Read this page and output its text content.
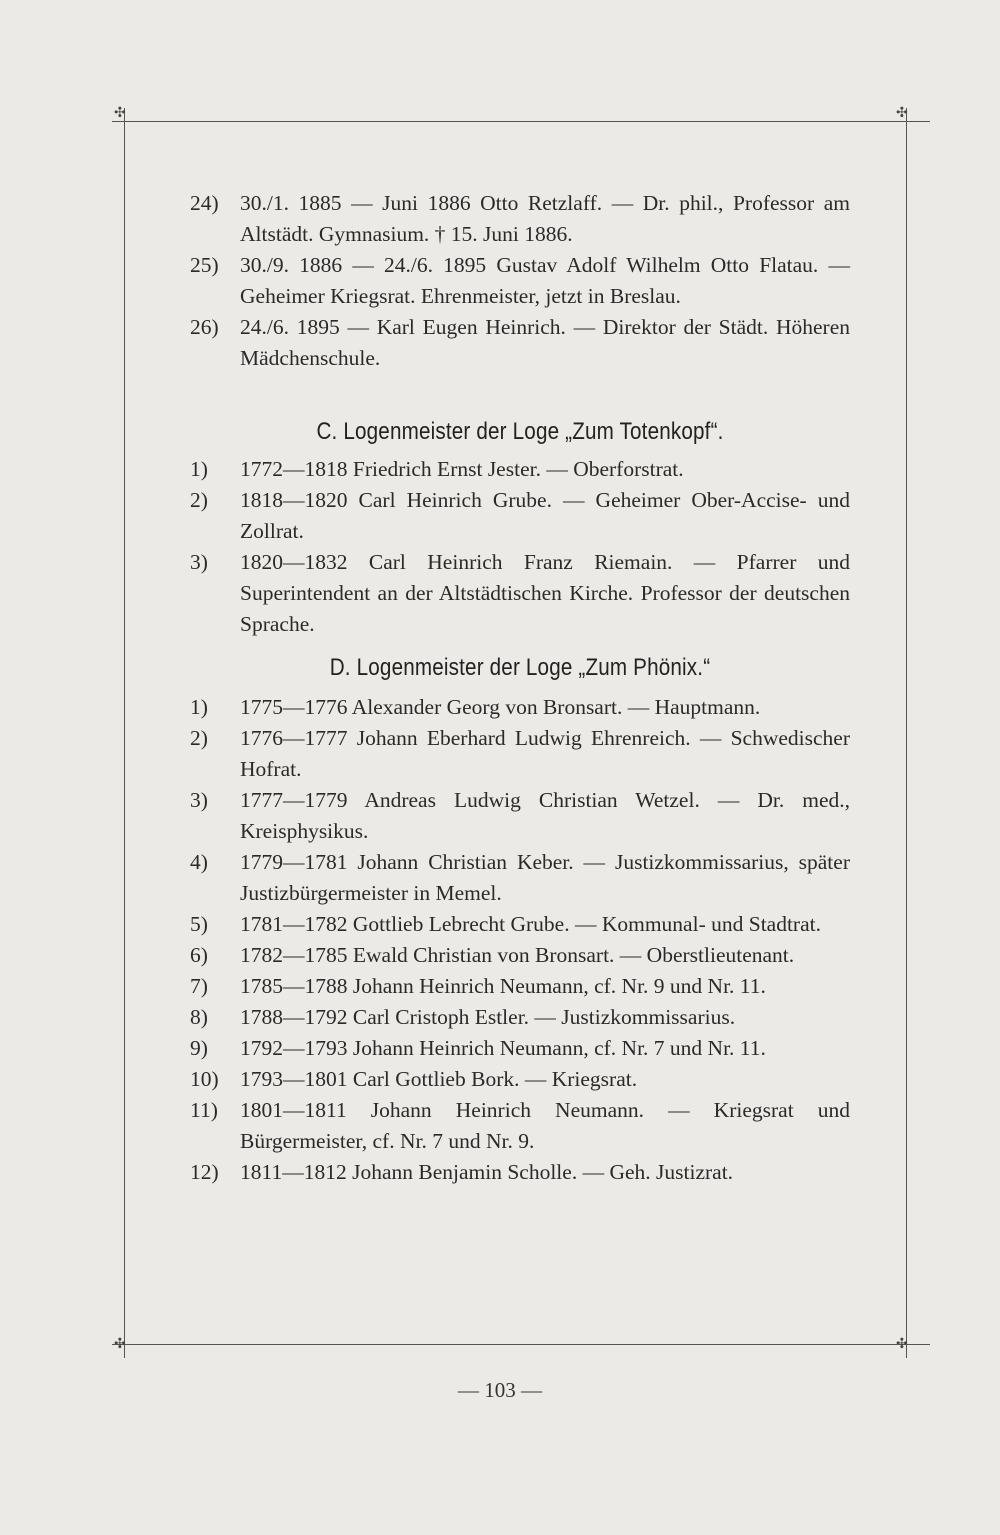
✣	✣
✣	✣
24) 30./1. 1885 — Juni 1886 Otto Retzlaff. — Dr. phil., Professor am Altstädt. Gymnasium. † 15. Juni 1886.
25) 30./9. 1886 — 24./6. 1895 Gustav Adolf Wilhelm Otto Flatau. — Geheimer Kriegsrat. Ehrenmeister, jetzt in Breslau.
26) 24./6. 1895 — Karl Eugen Heinrich. — Direktor der Städt. Höheren Mädchenschule.
C. Logenmeister der Loge „Zum Totenkopf“.
1) 1772—1818 Friedrich Ernst Jester. — Oberforstrat.
2) 1818—1820 Carl Heinrich Grube. — Geheimer Ober-Accise- und Zollrat.
3) 1820—1832 Carl Heinrich Franz Riemain. — Pfarrer und Superintendent an der Altstädtischen Kirche. Professor der deutschen Sprache.
D. Logenmeister der Loge „Zum Phönix.“
1) 1775—1776 Alexander Georg von Bronsart. — Hauptmann.
2) 1776—1777 Johann Eberhard Ludwig Ehrenreich. — Schwedischer Hofrat.
3) 1777—1779 Andreas Ludwig Christian Wetzel. — Dr. med., Kreisphysikus.
4) 1779—1781 Johann Christian Keber. — Justizkommissarius, später Justizbürgermeister in Memel.
5) 1781—1782 Gottlieb Lebrecht Grube. — Kommunal- und Stadtrat.
6) 1782—1785 Ewald Christian von Bronsart. — Oberstlieutenant.
7) 1785—1788 Johann Heinrich Neumann, cf. Nr. 9 und Nr. 11.
8) 1788—1792 Carl Cristoph Estler. — Justizkommissarius.
9) 1792—1793 Johann Heinrich Neumann, cf. Nr. 7 und Nr. 11.
10) 1793—1801 Carl Gottlieb Bork. — Kriegsrat.
11) 1801—1811 Johann Heinrich Neumann. — Kriegsrat und Bürgermeister, cf. Nr. 7 und Nr. 9.
12) 1811—1812 Johann Benjamin Scholle. — Geh. Justizrat.
— 103 —
